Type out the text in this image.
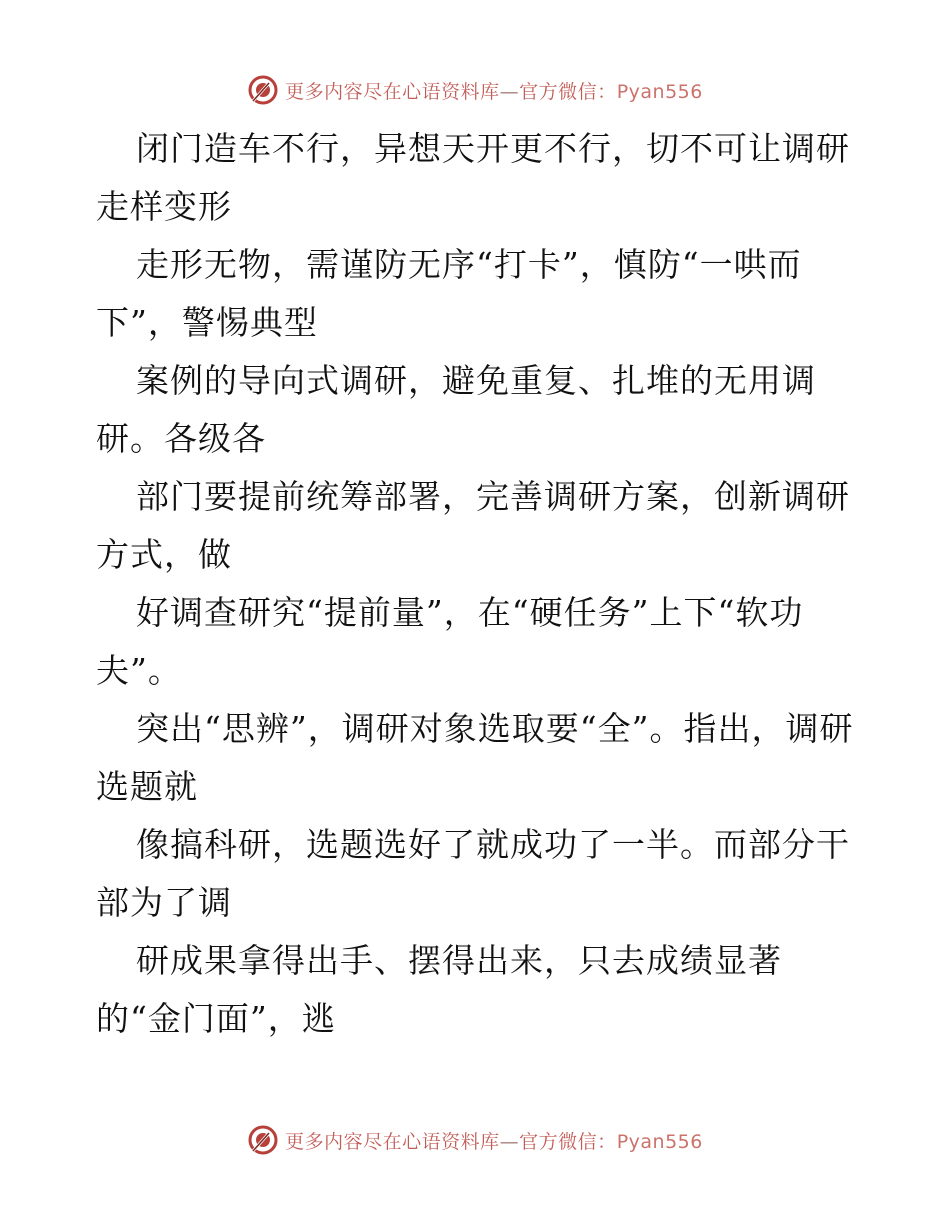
更多内容尽在心语资料库—官方微信：Pyan556

闭门造车不行，异想天开更不行，切不可让调研走样变形

走形无物，需谨防无序“打卡”，慎防“一哄而下”，警惕典型

案例的导向式调研，避免重复、扎堆的无用调研。各级各

部门要提前统筹部署，完善调研方案，创新调研方式，做

好调查研究“提前量”，在“硬任务”上下“软功夫”。

突出“思辨”，调研对象选取要“全”。指出，调研选题就

像搞科研，选题选好了就成功了一半。而部分干部为了调

研成果拿得出手、摆得出来，只去成绩显著的“金门面”，逃

更多内容尽在心语资料库—官方微信：Pyan556
